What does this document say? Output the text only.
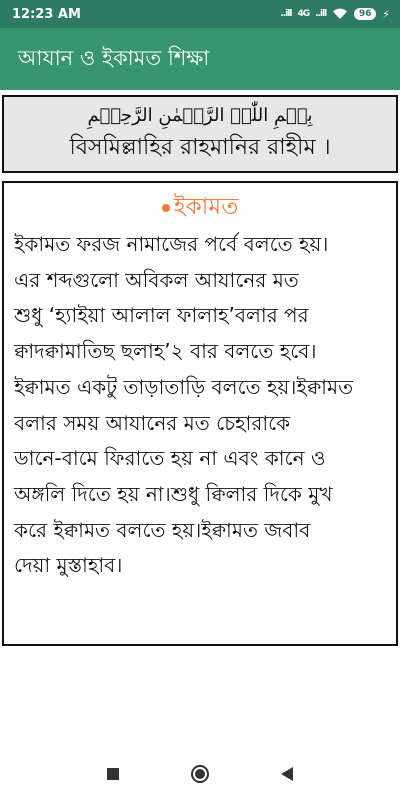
12:23 AM	..ill 4G ..ill	96 ⚡
আযান ও ইকামত শিক্ষা
بِسۡمِ اللّٰہِ الرَّحۡمٰنِ الرَّحِیۡمِ
বিসমিল্লাহির রাহমানির রাহীম ।
ইকামত
ইকামত ফরজ নামাজের পর্বে বলতে হয়।
এর শব্দগুলো অবিকল আযানের মত
শুধু ‘হ্যাইয়া আলাল ফালাহ’বলার পর
ক্বাদক্বামাতিছ ছলাহ’২ বার বলতে হবে।
ইক্বামত একটু তাড়াতাড়ি বলতে হয়।ইক্বামত
বলার সময় আযানের মত চেহারাকে
ডানে-বামে ফিরাতে হয় না এবং কানে ও
অঙ্গলি দিতে হয় না।শুধু ক্বিলার দিকে মুখ
করে ইক্বামত বলতে হয়।ইক্বামত জবাব
দেয়া মুস্তাহাব।
